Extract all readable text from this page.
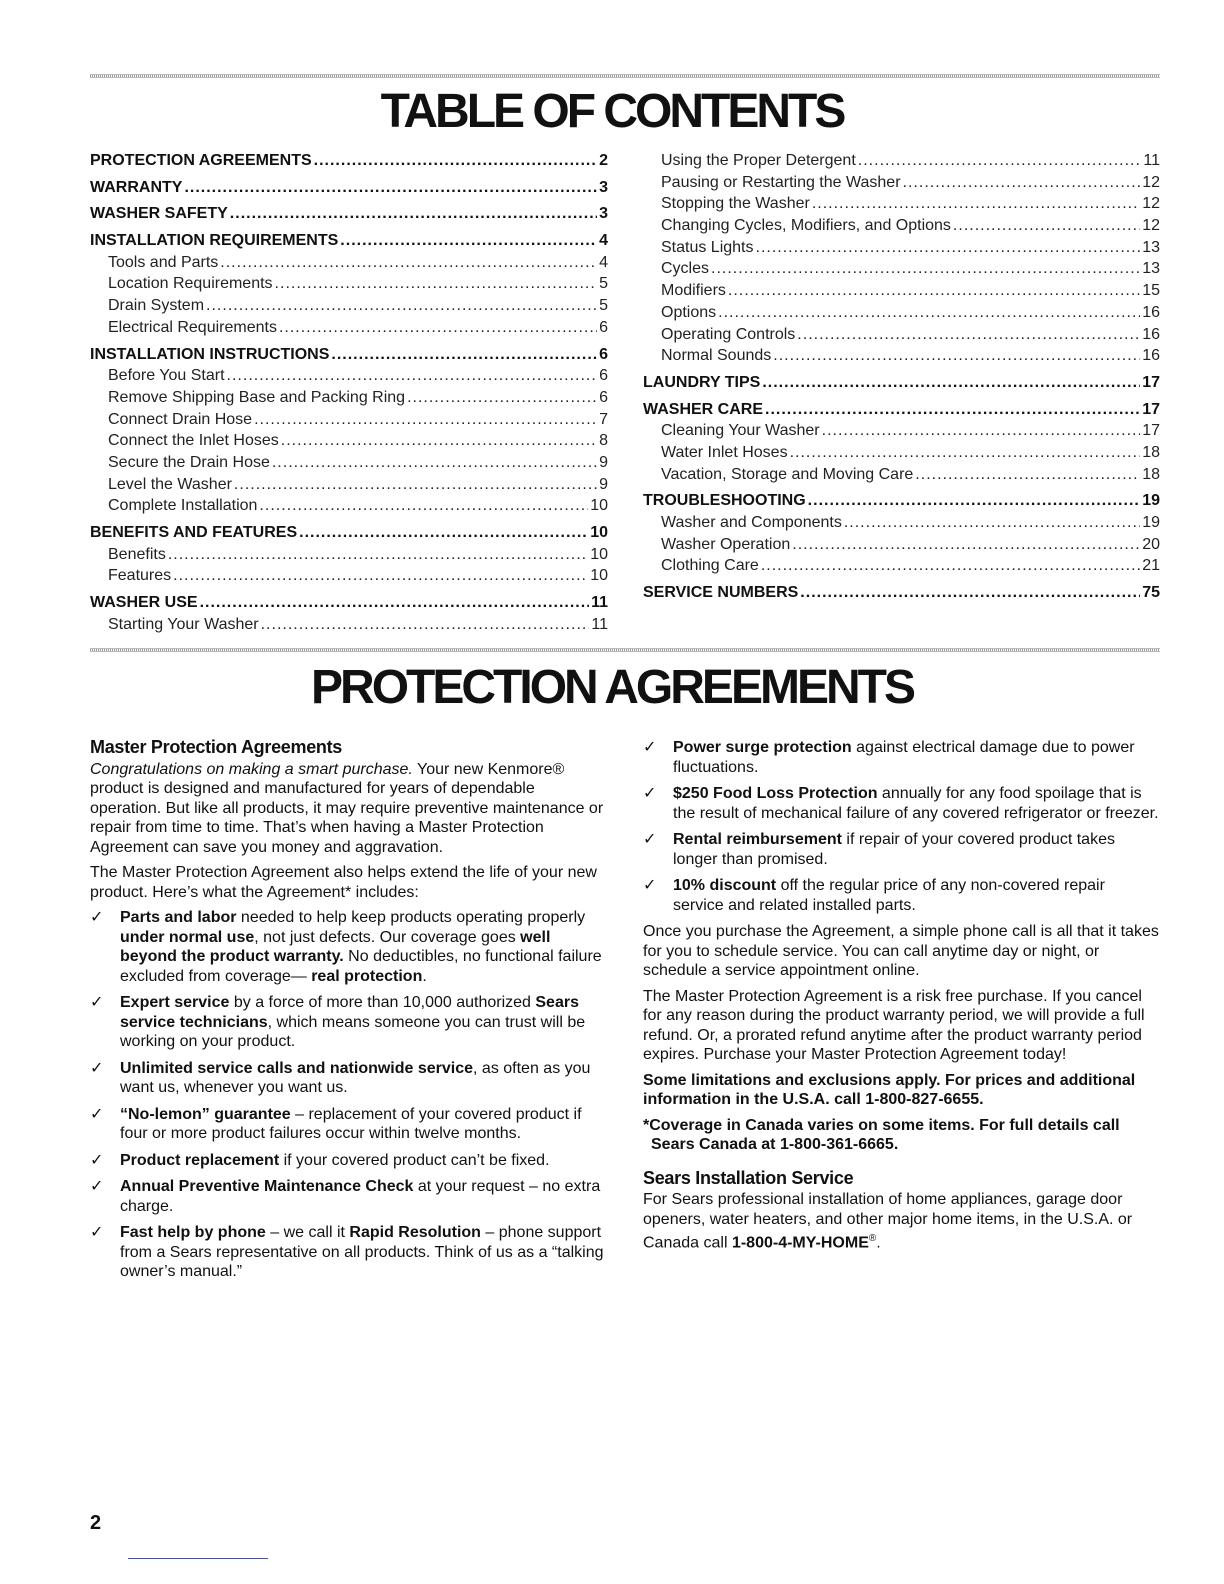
TABLE OF CONTENTS
PROTECTION AGREEMENTS .....	2
WARRANTY .....	3
WASHER SAFETY .....	3
INSTALLATION REQUIREMENTS .....	4
Tools and Parts .....	4
Location Requirements .....	5
Drain System .....	5
Electrical Requirements .....	6
INSTALLATION INSTRUCTIONS .....	6
Before You Start .....	6
Remove Shipping Base and Packing Ring .....	6
Connect Drain Hose .....	7
Connect the Inlet Hoses .....	8
Secure the Drain Hose .....	9
Level the Washer .....	9
Complete Installation .....	10
BENEFITS AND FEATURES .....	10
Benefits .....	10
Features .....	10
WASHER USE .....	11
Starting Your Washer .....	11
Using the Proper Detergent .....	11
Pausing or Restarting the Washer .....	12
Stopping the Washer .....	12
Changing Cycles, Modifiers, and Options .....	12
Status Lights .....	13
Cycles .....	13
Modifiers .....	15
Options .....	16
Operating Controls .....	16
Normal Sounds .....	16
LAUNDRY TIPS .....	17
WASHER CARE .....	17
Cleaning Your Washer .....	17
Water Inlet Hoses .....	18
Vacation, Storage and Moving Care .....	18
TROUBLESHOOTING .....	19
Washer and Components .....	19
Washer Operation .....	20
Clothing Care .....	21
SERVICE NUMBERS .....	75
PROTECTION AGREEMENTS
Master Protection Agreements

Congratulations on making a smart purchase. Your new Kenmore® product is designed and manufactured for years of dependable operation. But like all products, it may require preventive maintenance or repair from time to time. That’s when having a Master Protection Agreement can save you money and aggravation.

The Master Protection Agreement also helps extend the life of your new product. Here’s what the Agreement* includes:

✓ Parts and labor needed to help keep products operating properly under normal use, not just defects. Our coverage goes well beyond the product warranty. No deductibles, no functional failure excluded from coverage— real protection.
✓ Expert service by a force of more than 10,000 authorized Sears service technicians, which means someone you can trust will be working on your product.
✓ Unlimited service calls and nationwide service, as often as you want us, whenever you want us.
✓ “No-lemon” guarantee – replacement of your covered product if four or more product failures occur within twelve months.
✓ Product replacement if your covered product can’t be fixed.
✓ Annual Preventive Maintenance Check at your request – no extra charge.
✓ Fast help by phone – we call it Rapid Resolution – phone support from a Sears representative on all products. Think of us as a “talking owner’s manual.”
✓ Power surge protection against electrical damage due to power fluctuations.
✓ $250 Food Loss Protection annually for any food spoilage that is the result of mechanical failure of any covered refrigerator or freezer.
✓ Rental reimbursement if repair of your covered product takes longer than promised.
✓ 10% discount off the regular price of any non-covered repair service and related installed parts.

Once you purchase the Agreement, a simple phone call is all that it takes for you to schedule service. You can call anytime day or night, or schedule a service appointment online.

The Master Protection Agreement is a risk free purchase. If you cancel for any reason during the product warranty period, we will provide a full refund. Or, a prorated refund anytime after the product warranty period expires. Purchase your Master Protection Agreement today!

Some limitations and exclusions apply. For prices and additional information in the U.S.A. call 1-800-827-6655.

*Coverage in Canada varies on some items. For full details call Sears Canada at 1-800-361-6665.

Sears Installation Service

For Sears professional installation of home appliances, garage door openers, water heaters, and other major home items, in the U.S.A. or Canada call 1-800-4-MY-HOME®.

2
